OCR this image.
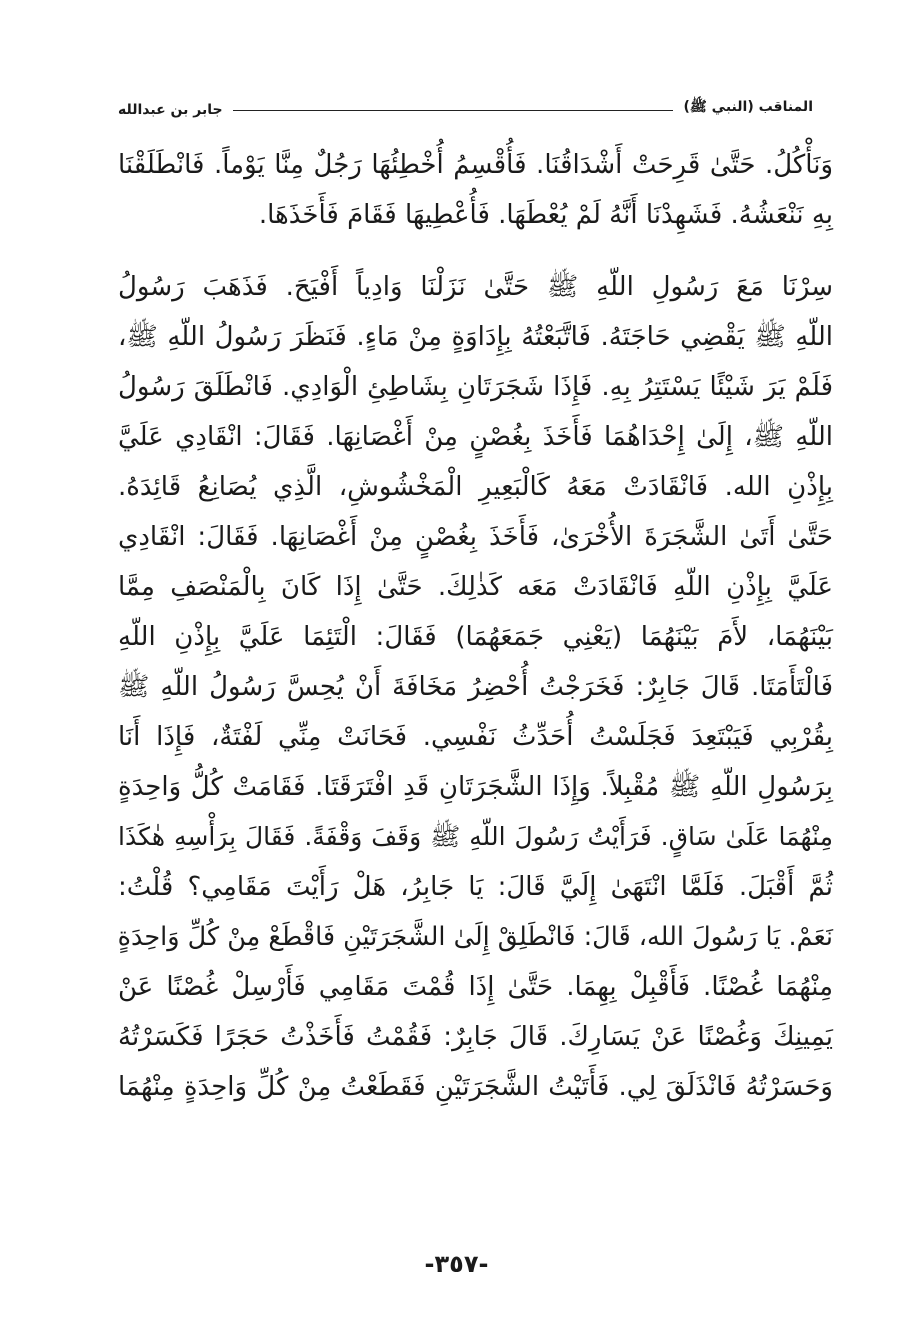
المناقب (النبي ﷺ)
جابر بن عبدالله
وَنَأْكُلُ. حَتَّىٰ قَرِحَتْ أَشْدَاقُنَا. فَأُقْسِمُ أُخْطِئُهَا رَجُلٌ مِنَّا يَوْماً. فَانْطَلَقْنَا
بِهِ نَنْعَشُهُ. فَشَهِدْنَا أَنَّهُ لَمْ يُعْطَهَا. فَأُعْطِيهَا فَقَامَ فَأَخَذَهَا.
سِرْنَا مَعَ رَسُولِ اللّهِ ﷺ حَتَّىٰ نَزَلْنَا وَادِياً أَفْيَحَ. فَذَهَبَ رَسُولُ
اللّهِ ﷺ يَقْضِي حَاجَتَهُ. فَاتَّبَعْتُهُ بِإِدَاوَةٍ مِنْ مَاءٍ. فَنَظَرَ رَسُولُ اللّهِ ﷺ،
فَلَمْ يَرَ شَيْئًا يَسْتَتِرُ بِهِ. فَإِذَا شَجَرَتَانِ بِشَاطِئِ الْوَادِي. فَانْطَلَقَ رَسُولُ
اللّهِ ﷺ، إِلَىٰ إِحْدَاهُمَا فَأَخَذَ بِغُصْنٍ مِنْ أَغْصَانِهَا. فَقَالَ: انْقَادِي عَلَيَّ
بِإِذْنِ الله. فَانْقَادَتْ مَعَهُ كَالْبَعِيرِ الْمَخْشُوشِ، الَّذِي يُصَانِعُ قَائِدَهُ.
حَتَّىٰ أَتَىٰ الشَّجَرَةَ الأُخْرَىٰ، فَأَخَذَ بِغُصْنٍ مِنْ أَغْصَانِهَا. فَقَالَ: انْقَادِي
عَلَيَّ بِإِذْنِ اللّهِ فَانْقَادَتْ مَعَه كَذٰلِكَ. حَتَّىٰ إِذَا كَانَ بِالْمَنْصَفِ مِمَّا
بَيْنَهُمَا، لأَمَ بَيْنَهُمَا (يَعْنِي جَمَعَهُمَا) فَقَالَ: الْتَئِمَا عَلَيَّ بِإِذْنِ اللّهِ
فَالْتَأَمَتَا. قَالَ جَابِرٌ: فَخَرَجْتُ أُحْضِرُ مَخَافَةَ أَنْ يُحِسَّ رَسُولُ اللّهِ ﷺ
بِقُرْبِي فَيَبْتَعِدَ فَجَلَسْتُ أُحَدِّثُ نَفْسِي. فَحَانَتْ مِنِّي لَفْتَةٌ، فَإِذَا أَنَا
بِرَسُولِ اللّهِ ﷺ مُقْبِلاً. وَإِذَا الشَّجَرَتَانِ قَدِ افْتَرَقَتَا. فَقَامَتْ كُلُّ وَاحِدَةٍ
مِنْهُمَا عَلَىٰ سَاقٍ. فَرَأَيْتُ رَسُولَ اللّهِ ﷺ وَقَفَ وَقْفَةً. فَقَالَ بِرَأْسِهِ هٰكَذَا
ثُمَّ أَقْبَلَ. فَلَمَّا انْتَهَىٰ إِلَيَّ قَالَ: يَا جَابِرُ، هَلْ رَأَيْتَ مَقَامِي؟ قُلْتُ:
نَعَمْ. يَا رَسُولَ الله، قَالَ: فَانْطَلِقْ إِلَىٰ الشَّجَرَتَيْنِ فَاقْطَعْ مِنْ كُلِّ وَاحِدَةٍ
مِنْهُمَا غُصْنًا. فَأَقْبِلْ بِهِمَا. حَتَّىٰ إِذَا قُمْتَ مَقَامِي فَأَرْسِلْ غُصْنًا عَنْ
يَمِينِكَ وَغُصْنًا عَنْ يَسَارِكَ. قَالَ جَابِرٌ: فَقُمْتُ فَأَخَذْتُ حَجَرًا فَكَسَرْتُهُ
وَحَسَرْتُهُ فَانْذَلَقَ لِي. فَأَتَيْتُ الشَّجَرَتَيْنِ فَقَطَعْتُ مِنْ كُلِّ وَاحِدَةٍ مِنْهُمَا
-٣٥٧-
